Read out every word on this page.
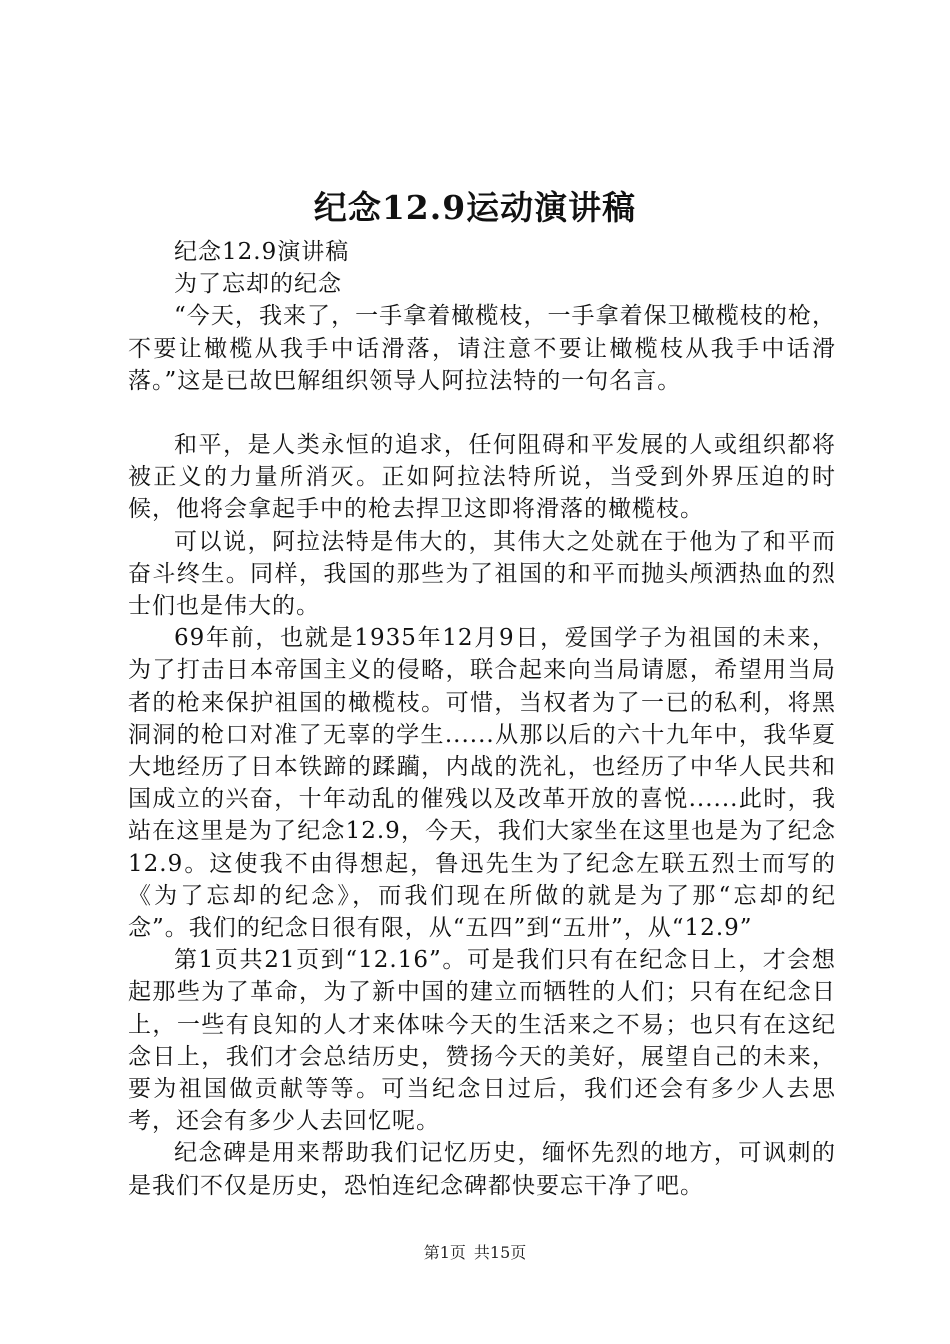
纪念12.9运动演讲稿

纪念12.9演讲稿

为了忘却的纪念

“今天，我来了，一手拿着橄榄枝，一手拿着保卫橄榄枝的枪，不要让橄榄从我手中话滑落，请注意不要让橄榄枝从我手中话滑落。”这是已故巴解组织领导人阿拉法特的一句名言。

和平，是人类永恒的追求，任何阻碍和平发展的人或组织都将被正义的力量所消灭。正如阿拉法特所说，当受到外界压迫的时候，他将会拿起手中的枪去捍卫这即将滑落的橄榄枝。

可以说，阿拉法特是伟大的，其伟大之处就在于他为了和平而奋斗终生。同样，我国的那些为了祖国的和平而抛头颅洒热血的烈士们也是伟大的。

69年前，也就是1935年12月9日，爱国学子为祖国的未来，为了打击日本帝国主义的侵略，联合起来向当局请愿，希望用当局者的枪来保护祖国的橄榄枝。可惜，当权者为了一已的私利，将黑洞洞的枪口对准了无辜的学生......从那以后的六十九年中，我华夏大地经历了日本铁蹄的蹂躏，内战的洗礼，也经历了中华人民共和国成立的兴奋，十年动乱的催残以及改革开放的喜悦......此时，我站在这里是为了纪念12.9，今天，我们大家坐在这里也是为了纪念12.9。这使我不由得想起，鲁迅先生为了纪念左联五烈士而写的《为了忘却的纪念》，而我们现在所做的就是为了那“忘却的纪念”。我们的纪念日很有限，从“五四”到“五卅”，从“12.9”

第1页共21页到“12.16”。可是我们只有在纪念日上，才会想起那些为了革命，为了新中国的建立而牺牲的人们；只有在纪念日上，一些有良知的人才来体味今天的生活来之不易；也只有在这纪念日上，我们才会总结历史，赞扬今天的美好，展望自己的未来，要为祖国做贡献等等。可当纪念日过后，我们还会有多少人去思考，还会有多少人去回忆呢。

纪念碑是用来帮助我们记忆历史，缅怀先烈的地方，可讽刺的是我们不仅是历史，恐怕连纪念碑都快要忘干净了吧。

第1页 共15页
